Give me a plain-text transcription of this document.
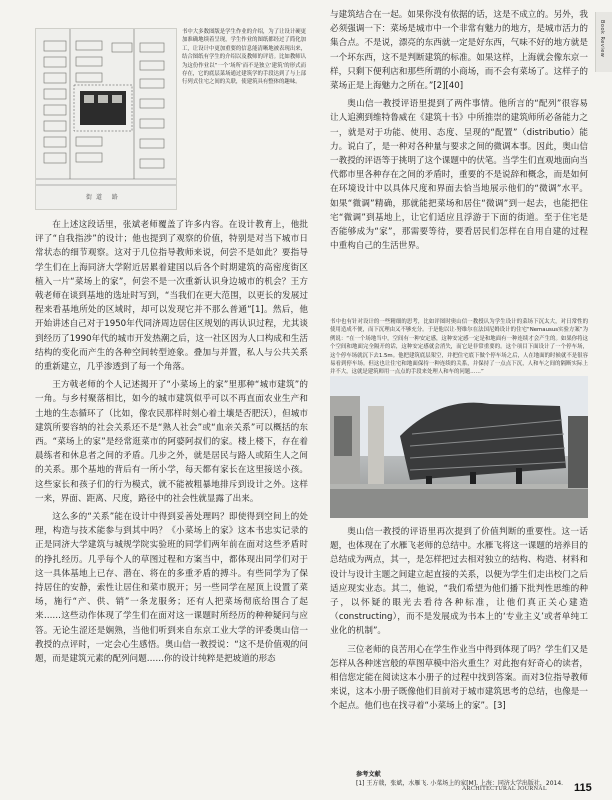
Book Review
街道 路
书中大多数图版是学生作业的介绍，为了让设计硬更加准确地续着呈现，学生作业的图纸都经过了简化加工，让设计中更加重要的信息能清晰地被表现出来，结合图纸有学生的介绍以及教师的评语。比如教师认为这份作业以“一个‘场所’而不是独立‘建筑’的形式而存在，它的底层菜场通过建筑学的手段达到了与上部行列式住宅之间的关联，使建筑具有整体的趣味。

在上述这段话里，张斌老师覆盖了许多内容。在设计教育上，他批评了“自我指涉”的设计；他也提到了观察的价值，特别是对当下城市日常状态的细节观察。这对于几位指导教师来说，何尝不是如此？要指导学生们在上海同济大学附近居累着建国以后各个时期建筑的高密度街区植入一片“菜场上的家”，何尝不是一次重新认识身边城市的机会？王方戟老师在谈到基地的选址时写到，“当我们在更大范围，以更长的发展过程来看基地所处的区域时，却可以发现它并不那么普通”[1]。然后，他开始讲述自己对于1950年代同济周边居住区规划的再认识过程，尤其谈到经历了1990年代的城市开发热潮之后，这一社区因为人口构成和生活结构的变化而产生的各种空间转型迹象。叠加与并置，私人与公共关系的重新建立，几乎渗透到了每一个角落。

王方戟老师的个人记述揭开了“小菜场上的家”里那种“城市建筑”的一角。与乡村聚落相比，如今的城市建筑似乎可以不再直面农业生产和土地的生态循环了（比如，像农民那样时刻心着土壤是否肥沃），但城市建筑所要容纳的社会关系还不是“熟人社会”或“血亲关系”可以概括的东西。“菜场上的家”是经常逛菜市的阿婆阿叔们的家。楼上楼下，存在着晨练者和休息者之间的矛盾。几步之外，就是居民与路人或陌生人之间的关系。那个基地的背后有一所小学，每天都有家长在这里接送小孩。这些家长和孩子们的行为模式，就不能被粗暴地排斥到设计之外。这样一来，界面、距离、尺度，路径中的社会性就显露了出来。

这么多的“关系”能在设计中得到妥善处理吗？即使得到空间上的处理，构造与技术能参与到其中吗？《小菜场上的家》这本书忠实记录的正是同济大学建筑与城规学院实验班的同学们两年前在面对这些矛盾时的挣扎经历。几乎每个人的草图过程和方案当中，都体现出同学们对于这一具体基地上已存、潜在、将在的多重矛盾的搏斗。有些同学为了保持居住的安静，索性让居住和菜市脱开；另一些同学在屋顶上设置了菜场，施行“产、供、销”一条龙服务；还有人把菜场彻底给围合了起来……这些动作体现了学生们在面对这一课题时所经历的种种疑问与应答。无论生涩还是娴熟，当他们听到来自东京工业大学的评委奥山信一教授的点评时，一定会心生感悟。奥山信一教授说：“这不是价值观的问题，而是建筑元素的配列问题……你的设计纯粹是把坡道的形态

与建筑结合在一起。如果你没有依据的话，这是不成立的。另外，我必须强调一下：菜场是城市中一个非常有魅力的地方，是城市活力的集合点。不是说，漂亮的东西就一定是好东西，气味不好的地方就是一个坏东西，这不是判断建筑的标准。如果这样，上海就会像东京一样，只剩下便利店和那些所谓的小商场，而不会有菜场了。这样子的菜场正是上海魅力之所在。”[2][40]

奥山信一教授评语里提到了两件事情。他所言的“配列”很容易让人追溯到维特鲁威在《建筑十书》中所推崇的建筑师所必备能力之一，就是对于功能、使用、态度、呈现的“配置”（distributio）能力。说白了，是一种对各种量与要求之间的微调本事。因此，奥山信一教授的评语等于挑明了这个课题中的伏笔。当学生们直观地面向当代都市里各种存在之间的矛盾时，重要的不是说辞和概念，而是如何在环境设计中以具体尺度和界面去恰当地展示他们的“微调”水平。如果“微调”精确，那就能把菜场和居住“微调”到一起去，也能把住宅“微调”到基地上，让它们适应且浮游于下面的街道。至于住宅是否能够成为“家”，那需要等待，要看居民们怎样在自用自建的过程中重构自己的生活世界。

书中也有针对设计的一些精细的思考，比如评图时奥山信一教授认为学生设计的菜场下沉太大，对日常性的使用造成不便，而下沉理由又不够充分。于是他以让·努维尔在法国尼姆设计的住宅“Nemausus实验方案”为例说：“在一个场地当中，空间有一种安定感，这种安定感一定是和地面有一种连续才会产生的。如果你将这个空间和地面完全隔开的话，这种安定感就会消失，而它是非常重要的。这个项目下面设计了一个停车场，这个停车场就沉下去1.5m。他把建筑底层架空，并把住宅底下做个停车场之后，人在地面的时候就不是很容易看到停车场。但这也让住宅和地面保持一种连续的关系，并保持了一点点下沉，人和车之间的隔断实际上并不大，这就是建筑师用一点点的手段来处理人和车的问题……”

奥山信一教授的评语里再次提到了价值判断的重要性。这一话题，也体现在了水雁飞老师的总结中。水雁飞将这一课题的培养目的总结成为两点，其一，是怎样把过去相对独立的结构、构造、材料和设计与设计主题之间建立起直接的关系，以便为学生们走出校门之后适应现实业态。其二，他说，“我们希望为他们播下批判性思维的种子，以怀疑的眼光去看待各种标准，让他们真正关心建造（constructing），而不是发展成为书本上的‘专业主义’或者单纯工业化的机制”。

三位老师的良苦用心在学生作业当中得到体现了吗？学生们又是怎样从各种迷宫般的草图草模中浴火重生？对此抱有好奇心的读者，相信您定能在阅读这本小册子的过程中找到答案。而对3位指导教师来说，这本小册子既像他们目前对于城市建筑思考的总结，也像是一个起点。他们也在找寻着“小菜场上的家”。[3]

参考文献
[1] 王方戟，张斌，水雁飞. 小菜场上的家[M]. 上海：同济大学出版社，2014.
ARCHITECTURAL JOURNAL 115
